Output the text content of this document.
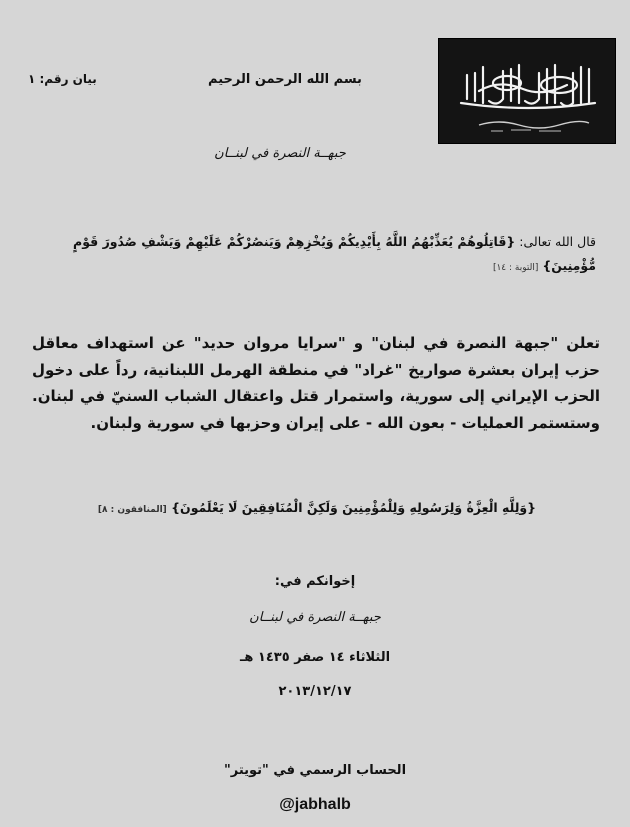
بسم الله الرحمن الرحيم
بيان رقم: ١
جبهــة النصرة في لبنــان
قال الله تعالى: {قَاتِلُوهُمْ يُعَذِّبْهُمُ اللَّهُ بِأَيْدِيكُمْ وَيُخْزِهِمْ وَيَنصُرْكُمْ عَلَيْهِمْ وَيَشْفِ صُدُورَ قَوْمٍ مُّؤْمِنِينَ} [التوبة : ١٤]
تعلن "جبهة النصرة في لبنان" و "سرايا مروان حديد" عن استهداف معاقل حزب إيران بعشرة صواريخ "غراد" في منطقة الهرمل اللبنانية، رداً على دخول الحزب الإيراني إلى سورية، واستمرار قتل واعتقال الشباب السنيّ في لبنان. وستستمر العمليات - بعون الله - على إيران وحزبها في سورية ولبنان.
{وَلِلَّهِ الْعِزَّةُ وَلِرَسُولِهِ وَلِلْمُؤْمِنِينَ وَلَكِنَّ الْمُنَافِقِينَ لَا يَعْلَمُونَ} [المنافقون : ٨]
إخوانكم في:
جبهــة النصرة في لبنــان
الثلاثاء ١٤ صفر ١٤٣٥ هـ
٢٠١٣/١٢/١٧
الحساب الرسمي في "تويتر"
@jabhalb
